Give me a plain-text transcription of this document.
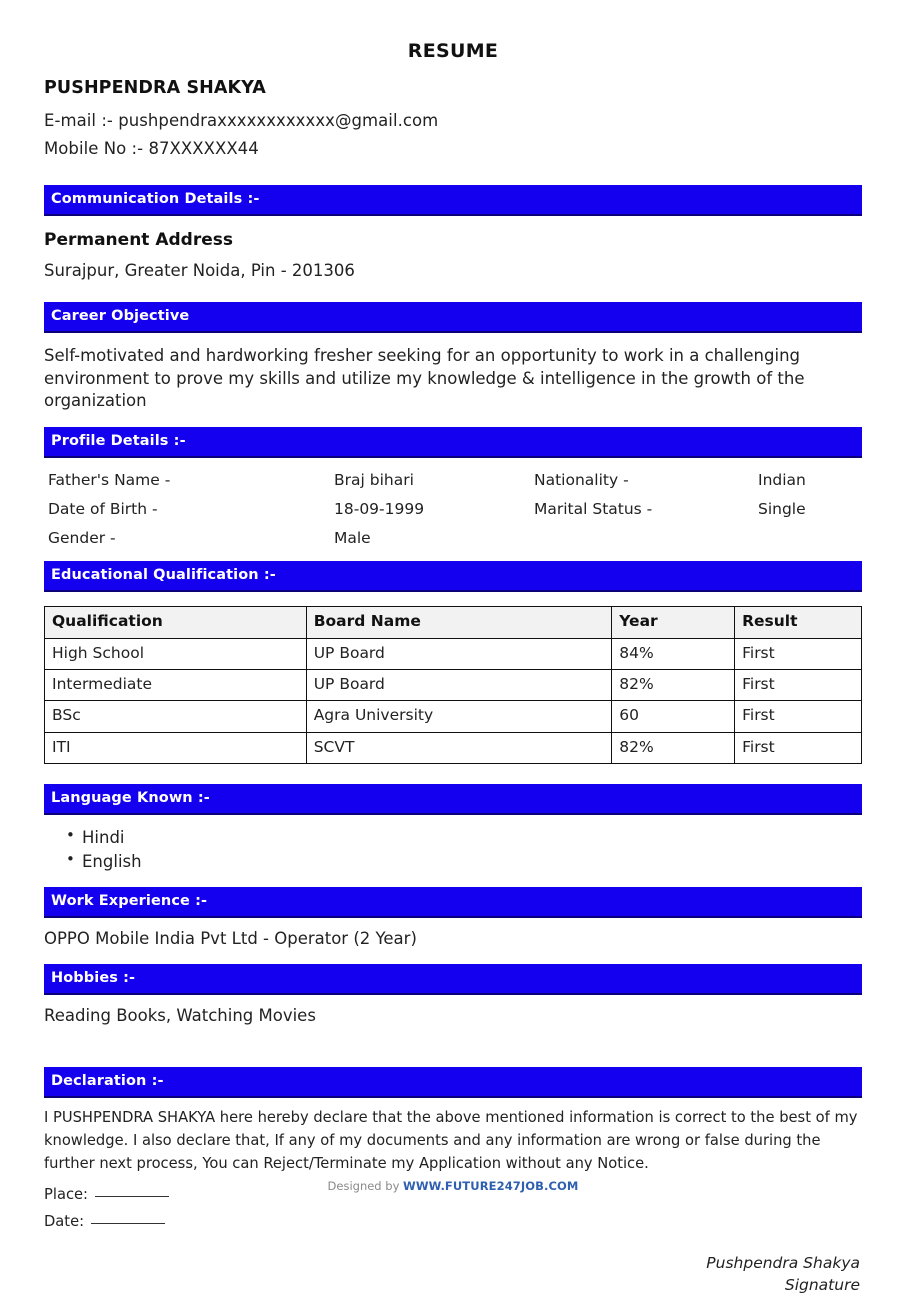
RESUME
PUSHPENDRA SHAKYA
E-mail :- pushpendraxxxxxxxxxxxx@gmail.com
Mobile No :- 87XXXXXX44
Communication Details :-
Permanent Address
Surajpur, Greater Noida, Pin - 201306
Career Objective
Self-motivated and hardworking fresher seeking for an opportunity to work in a challenging environment to prove my skills and utilize my knowledge & intelligence in the growth of the organization
Profile Details :-
Father's Name -	Braj bihari	Nationality -	Indian
Date of Birth -	18-09-1999	Marital Status -	Single
Gender -	Male
Educational Qualification :-
Qualification	Board Name	Year	Result
High School	UP Board	84%	First
Intermediate	UP Board	82%	First
BSc	Agra University	60	First
ITI	SCVT	82%	First
Language Known :-
• Hindi
• English
Work Experience :-
OPPO Mobile India Pvt Ltd - Operator (2 Year)
Hobbies :-
Reading Books, Watching Movies
Declaration :-
I PUSHPENDRA SHAKYA here hereby declare that the above mentioned information is correct to the best of my knowledge. I also declare that, If any of my documents and any information are wrong or false during the further next process, You can Reject/Terminate my Application without any Notice.
Place:
Date:
Pushpendra Shakya
Signature
Designed by WWW.FUTURE247JOB.COM
